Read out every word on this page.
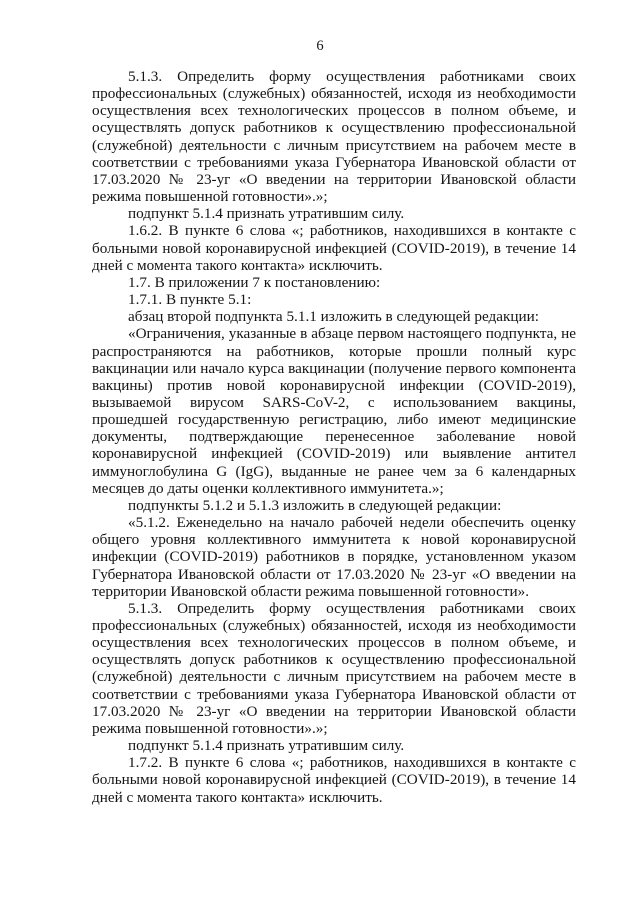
6

5.1.3. Определить форму осуществления работниками своих профессиональных (служебных) обязанностей, исходя из необходимости осуществления всех технологических процессов в полном объеме, и осуществлять допуск работников к осуществлению профессиональной (служебной) деятельности с личным присутствием на рабочем месте в соответствии с требованиями указа Губернатора Ивановской области от 17.03.2020 № 23-уг «О введении на территории Ивановской области режима повышенной готовности».»;

подпункт 5.1.4 признать утратившим силу.

1.6.2. В пункте 6 слова «; работников, находившихся в контакте с больными новой коронавирусной инфекцией (COVID-2019), в течение 14 дней с момента такого контакта» исключить.

1.7. В приложении 7 к постановлению:

1.7.1. В пункте 5.1:

абзац второй подпункта 5.1.1 изложить в следующей редакции:

«Ограничения, указанные в абзаце первом настоящего подпункта, не распространяются на работников, которые прошли полный курс вакцинации или начало курса вакцинации (получение первого компонента вакцины) против новой коронавирусной инфекции (COVID-2019), вызываемой вирусом SARS-CoV-2, с использованием вакцины, прошедшей государственную регистрацию, либо имеют медицинские документы, подтверждающие перенесенное заболевание новой коронавирусной инфекцией (COVID-2019) или выявление антител иммуноглобулина G (IgG), выданные не ранее чем за 6 календарных месяцев до даты оценки коллективного иммунитета.»;

подпункты 5.1.2 и 5.1.3 изложить в следующей редакции:

«5.1.2. Еженедельно на начало рабочей недели обеспечить оценку общего уровня коллективного иммунитета к новой коронавирусной инфекции (COVID-2019) работников в порядке, установленном указом Губернатора Ивановской области от 17.03.2020 № 23-уг «О введении на территории Ивановской области режима повышенной готовности».

5.1.3. Определить форму осуществления работниками своих профессиональных (служебных) обязанностей, исходя из необходимости осуществления всех технологических процессов в полном объеме, и осуществлять допуск работников к осуществлению профессиональной (служебной) деятельности с личным присутствием на рабочем месте в соответствии с требованиями указа Губернатора Ивановской области от 17.03.2020 № 23-уг «О введении на территории Ивановской области режима повышенной готовности».»;

подпункт 5.1.4 признать утратившим силу.

1.7.2. В пункте 6 слова «; работников, находившихся в контакте с больными новой коронавирусной инфекцией (COVID-2019), в течение 14 дней с момента такого контакта» исключить.
